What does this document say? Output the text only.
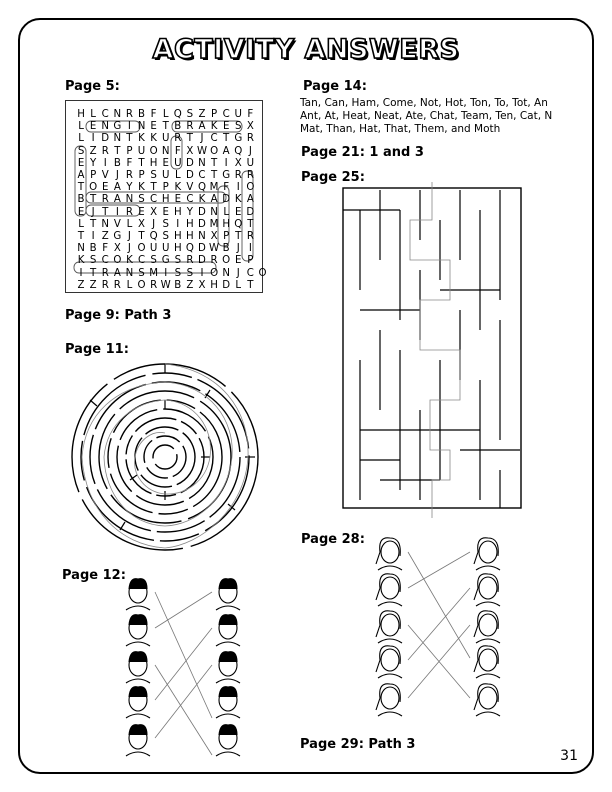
ACTIVITY ANSWERS
Page 5:
H L C N R B F L Q S Z P C U F
L E N G I N E T B R A K E S X
L I D N T K K U R T J C T G R
S Z R T P U O N F X W O A Q J
E Y I B F T H E U D N T I X U
A P V J R P S U L D C T G R R
T O E A Y K T P K V Q M F I O
B T R A N S C H E C K A D K A
E J T I R E X E H Y D N L E D
L T N V L X J S I H D M H Q T
T I Z G J T Q S H H N X P T R
N B F X J O U U H Q D W B J I
K S C O K C S G S R D R O E P
I T R A N S M I S S I O N J C O
Z Z R R L O R W B Z X H D L T
Page 9: Path 3
Page 11:
Page 12:
Page 14:
Tan, Can, Ham, Come, Not, Hot, Ton, To, Tot, An Ant, At, Heat, Neat, Ate, Chat, Team, Ten, Cat, N Mat, Than, Hat, That, Them, and Moth
Page 21: 1 and 3
Page 25:
Page 28:
Page 29: Path 3
31
